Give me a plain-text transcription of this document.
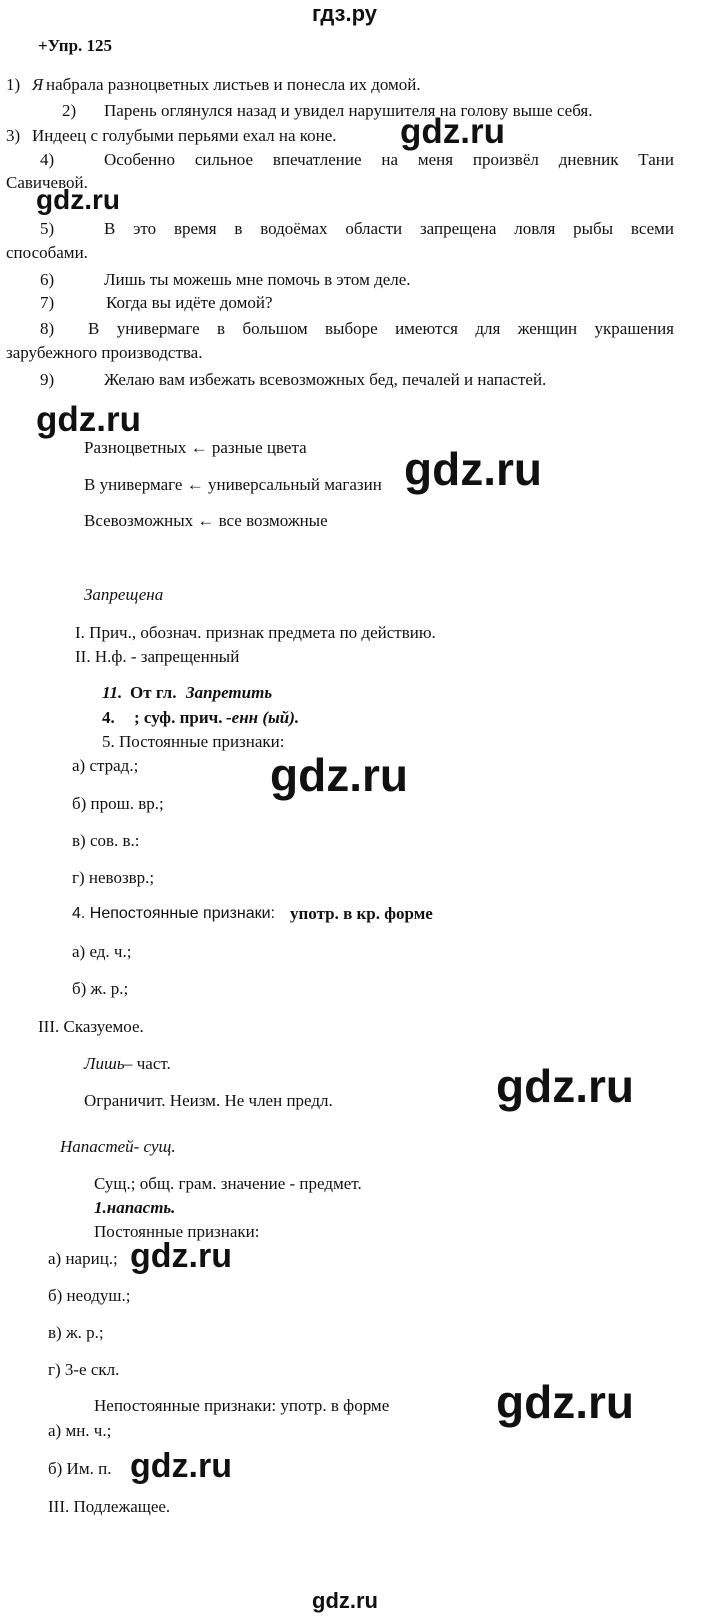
гдз.ру
+Упр. 125
1) Я набрала разноцветных листьев и понесла их домой.
2) Парень оглянулся назад и увидел нарушителя на голову выше себя.
3) Индеец с голубыми перьями ехал на коне.
4)	Особенно сильное впечатление на меня произвёл дневник Тани
Савичевой.
5)	В это время в водоёмах области запрещена ловля рыбы всеми
способами.
6)	Лишь ты можешь мне помочь в этом деле.
7)	Когда вы идёте домой?
8) В универмаге в большом выборе имеются для женщин украшения
зарубежного производства.
9)	Желаю вам избежать всевозможных бед, печалей и напастей.
Разноцветных ← разные цвета
В универмаге ← универсальный магазин
Всевозможных ← все возможные
Запрещена
I. Прич., обознач. признак предмета по действию.
II. Н.ф. - запрещенный
11. От гл. Запретить
4. ; суф. прич. -енн (ый).
5. Постоянные признаки:
а) страд.;
б) прош. вр.;
в) сов. в.:
г) невозвр.;
4. Непостоянные признаки: употр. в кр. форме
а) ед. ч.;
б) ж. р.;
III. Сказуемое.
Лишь – част.
Ограничит. Неизм. Не член предл.
Напастей- сущ.
Сущ.; общ. грам. значение - предмет.
1.напасть.
Постоянные признаки:
а) нариц.;
б) неодуш.;
в) ж. р.;
г) 3-е скл.
Непостоянные признаки: употр. в форме
а) мн. ч.;
б) Им. п.
III. Подлежащее.
gdz.ru
gdz.ru
gdz.ru
gdz.ru
gdz.ru
gdz.ru
gdz.ru
gdz.ru
gdz.ru
gdz.ru
